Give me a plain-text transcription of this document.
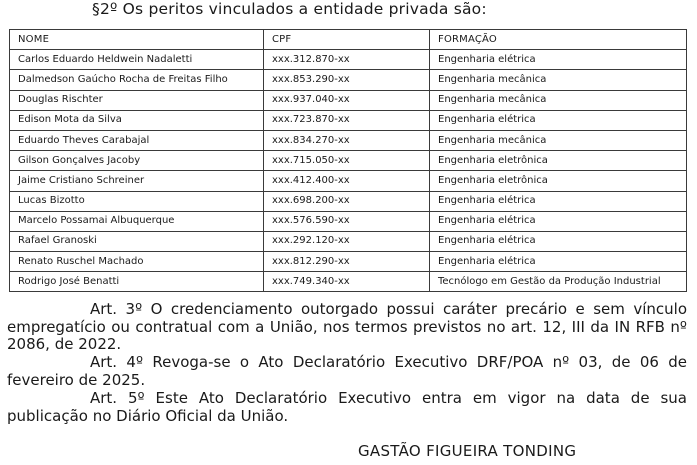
§2º Os peritos vinculados a entidade privada são:
NOME	CPF	FORMAÇÃO
Carlos Eduardo Heldwein Nadaletti	xxx.312.870-xx	Engenharia elétrica
Dalmedson Gaúcho Rocha de Freitas Filho	xxx.853.290-xx	Engenharia mecânica
Douglas Rischter	xxx.937.040-xx	Engenharia mecânica
Edison Mota da Silva	xxx.723.870-xx	Engenharia elétrica
Eduardo Theves Carabajal	xxx.834.270-xx	Engenharia mecânica
Gilson Gonçalves Jacoby	xxx.715.050-xx	Engenharia eletrônica
Jaime Cristiano Schreiner	xxx.412.400-xx	Engenharia eletrônica
Lucas Bizotto	xxx.698.200-xx	Engenharia elétrica
Marcelo Possamai Albuquerque	xxx.576.590-xx	Engenharia elétrica
Rafael Granoski	xxx.292.120-xx	Engenharia elétrica
Renato Ruschel Machado	xxx.812.290-xx	Engenharia elétrica
Rodrigo José Benatti	xxx.749.340-xx	Tecnólogo em Gestão da Produção Industrial

Art. 3º O credenciamento outorgado possui caráter precário e sem vínculo empregatício ou contratual com a União, nos termos previstos no art. 12, III da IN RFB nº 2086, de 2022.

Art. 4º Revoga-se o Ato Declaratório Executivo DRF/POA nº 03, de 06 de fevereiro de 2025.

Art. 5º Este Ato Declaratório Executivo entra em vigor na data de sua publicação no Diário Oficial da União.

GASTÃO FIGUEIRA TONDING
